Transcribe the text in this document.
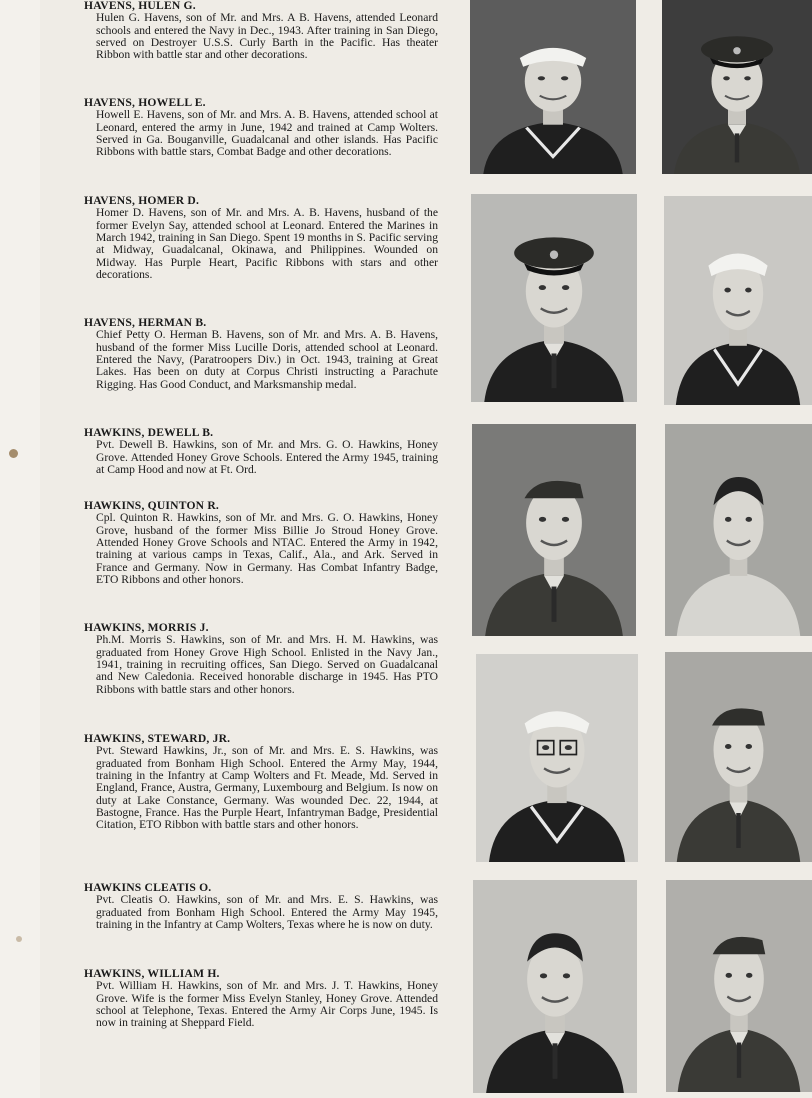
HAVENS, HULEN G.
Hulen G. Havens, son of Mr. and Mrs. A B. Havens, attended Leonard schools and entered the Navy in Dec., 1943. After training in San Diego, served on Destroyer U.S.S. Curly Barth in the Pacific. Has theater Ribbon with battle star and other decorations.
HAVENS, HOWELL E.
Howell E. Havens, son of Mr. and Mrs. A. B. Havens, attended school at Leonard, entered the army in June, 1942 and trained at Camp Wolters. Served in Ga. Bouganville, Guadalcanal and other islands. Has Pacific Ribbons with battle stars, Combat Badge and other decorations.
HAVENS, HOMER D.
Homer D. Havens, son of Mr. and Mrs. A. B. Havens, husband of the former Evelyn Say, attended school at Leonard. Entered the Marines in March 1942, training in San Diego. Spent 19 months in S. Pacific serving at Midway, Guadalcanal, Okinawa, and Philippines. Wounded on Midway. Has Purple Heart, Pacific Ribbons with stars and other decorations.
HAVENS, HERMAN B.
Chief Petty O. Herman B. Havens, son of Mr. and Mrs. A. B. Havens, husband of the former Miss Lucille Doris, attended school at Leonard. Entered the Navy, (Paratroopers Div.) in Oct. 1943, training at Great Lakes. Has been on duty at Corpus Christi instructing a Parachute Rigging. Has Good Conduct, and Marksmanship medal.
HAWKINS, DEWELL B.
Pvt. Dewell B. Hawkins, son of Mr. and Mrs. G. O. Hawkins, Honey Grove. Attended Honey Grove Schools. Entered the Army 1945, training at Camp Hood and now at Ft. Ord.
HAWKINS, QUINTON R.
Cpl. Quinton R. Hawkins, son of Mr. and Mrs. G. O. Hawkins, Honey Grove, husband of the former Miss Billie Jo Stroud Honey Grove. Attended Honey Grove Schools and NTAC. Entered the Army in 1942, training at various camps in Texas, Calif., Ala., and Ark. Served in France and Germany. Now in Germany. Has Combat Infantry Badge, ETO Ribbons and other honors.
HAWKINS, MORRIS J.
Ph.M. Morris S. Hawkins, son of Mr. and Mrs. H. M. Hawkins, was graduated from Honey Grove High School. Enlisted in the Navy Jan., 1941, training in recruiting offices, San Diego. Served on Guadalcanal and New Caledonia. Received honorable discharge in 1945. Has PTO Ribbons with battle stars and other honors.
HAWKINS, STEWARD, JR.
Pvt. Steward Hawkins, Jr., son of Mr. and Mrs. E. S. Hawkins, was graduated from Bonham High School. Entered the Army May, 1944, training in the Infantry at Camp Wolters and Ft. Meade, Md. Served in England, France, Austra, Germany, Luxembourg and Belgium. Is now on duty at Lake Constance, Germany. Was wounded Dec. 22, 1944, at Bastogne, France. Has the Purple Heart, Infantryman Badge, Presidential Citation, ETO Ribbon with battle stars and other honors.
HAWKINS CLEATIS O.
Pvt. Cleatis O. Hawkins, son of Mr. and Mrs. E. S. Hawkins, was graduated from Bonham High School. Entered the Army May 1945, training in the Infantry at Camp Wolters, Texas where he is now on duty.
HAWKINS, WILLIAM H.
Pvt. William H. Hawkins, son of Mr. and Mrs. J. T. Hawkins, Honey Grove. Wife is the former Miss Evelyn Stanley, Honey Grove. Attended school at Telephone, Texas. Entered the Army Air Corps June, 1945. Is now in training at Sheppard Field.
